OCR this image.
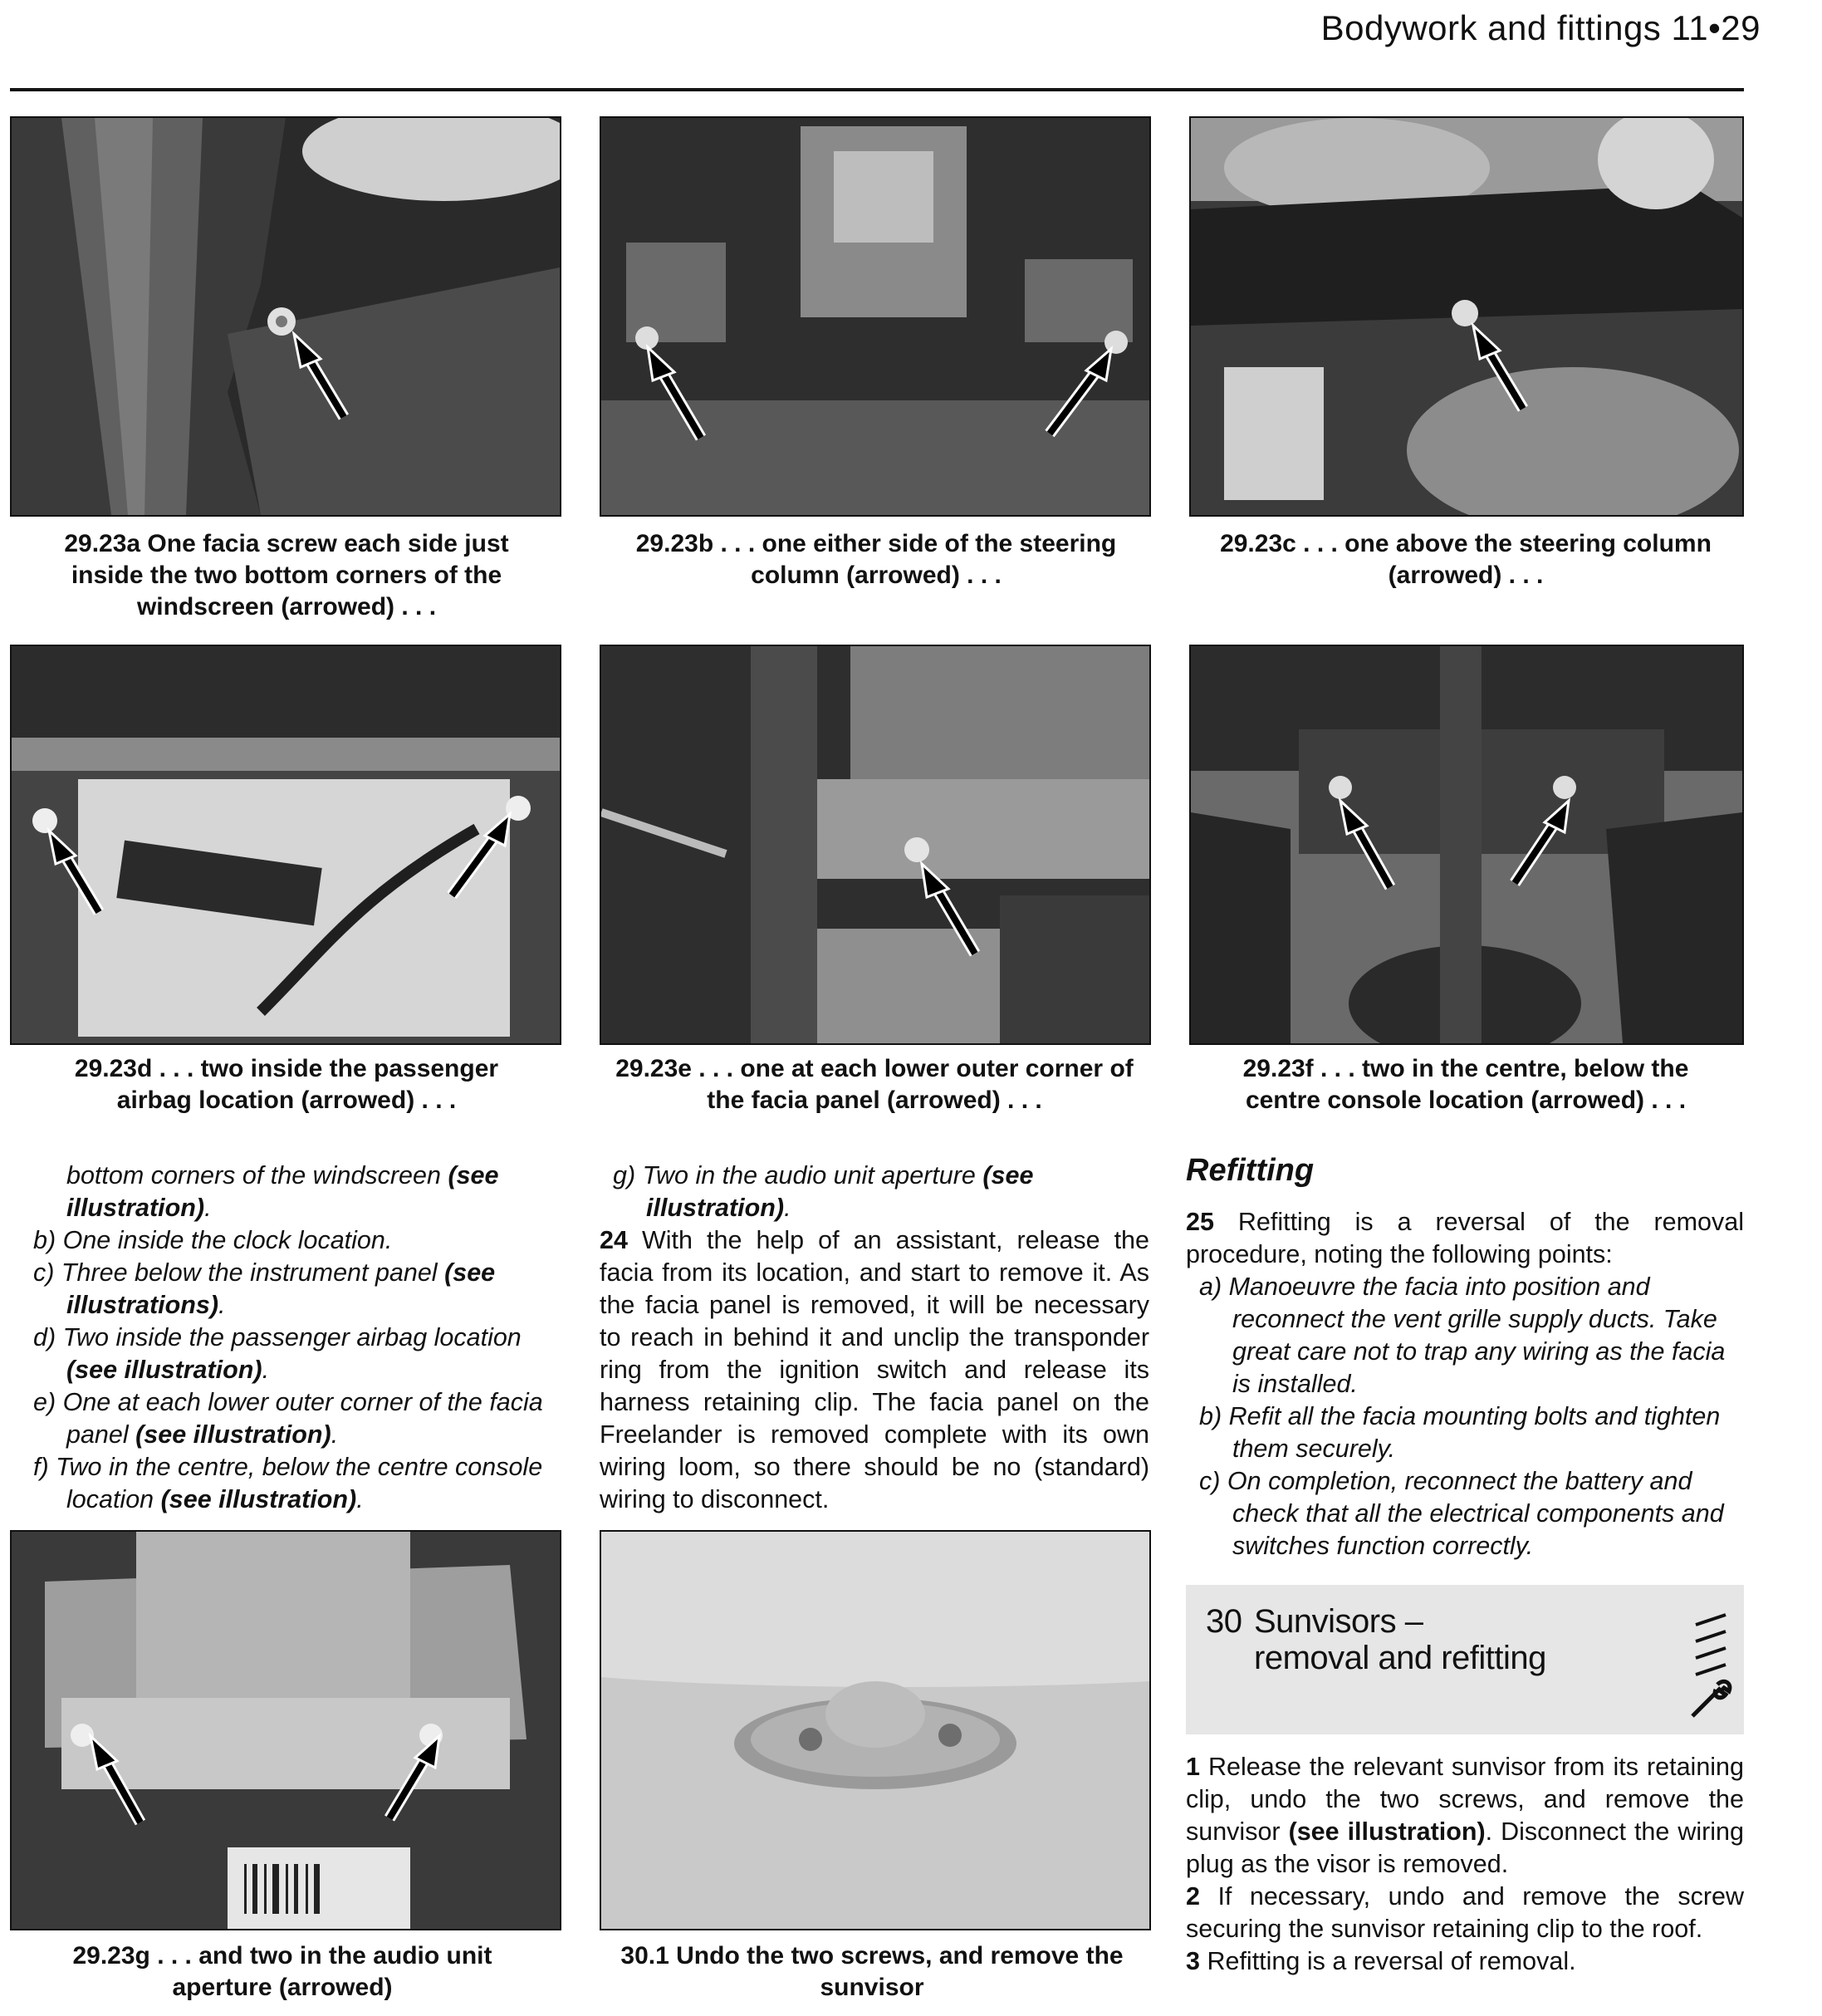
Bodywork and fittings 11•29
29.23a One facia screw each side just inside the two bottom corners of the windscreen (arrowed) . . .
29.23b . . . one either side of the steering column (arrowed) . . .
29.23c . . . one above the steering column (arrowed) . . .
29.23d . . . two inside the passenger airbag location (arrowed) . . .
29.23e . . . one at each lower outer corner of the facia panel (arrowed) . . .
29.23f . . . two in the centre, below the centre console location (arrowed) . . .

bottom corners of the windscreen (see illustration).

b) One inside the clock location.

c) Three below the instrument panel (see illustrations).

d) Two inside the passenger airbag location (see illustration).

e) One at each lower outer corner of the facia panel (see illustration).

f) Two in the centre, below the centre console location (see illustration).

g) Two in the audio unit aperture (see illustration).

24 With the help of an assistant, release the facia from its location, and start to remove it. As the facia panel is removed, it will be necessary to reach in behind it and unclip the transponder ring from the ignition switch and release its harness retaining clip. The facia panel on the Freelander is removed complete with its own wiring loom, so there should be no (standard) wiring to disconnect.

29.23g . . . and two in the audio unit aperture (arrowed)
30.1 Undo the two screws, and remove the sunvisor
Refitting

25 Refitting is a reversal of the removal procedure, noting the following points:

a) Manoeuvre the facia into position and reconnect the vent grille supply ducts. Take great care not to trap any wiring as the facia is installed.

b) Refit all the facia mounting bolts and tighten them securely.

c) On completion, reconnect the battery and check that all the electrical components and switches function correctly.

30 Sunvisors –
removal and refitting

1 Release the relevant sunvisor from its retaining clip, undo the two screws, and remove the sunvisor (see illustration). Disconnect the wiring plug as the visor is removed.

2 If necessary, undo and remove the screw securing the sunvisor retaining clip to the roof.

3 Refitting is a reversal of removal.
